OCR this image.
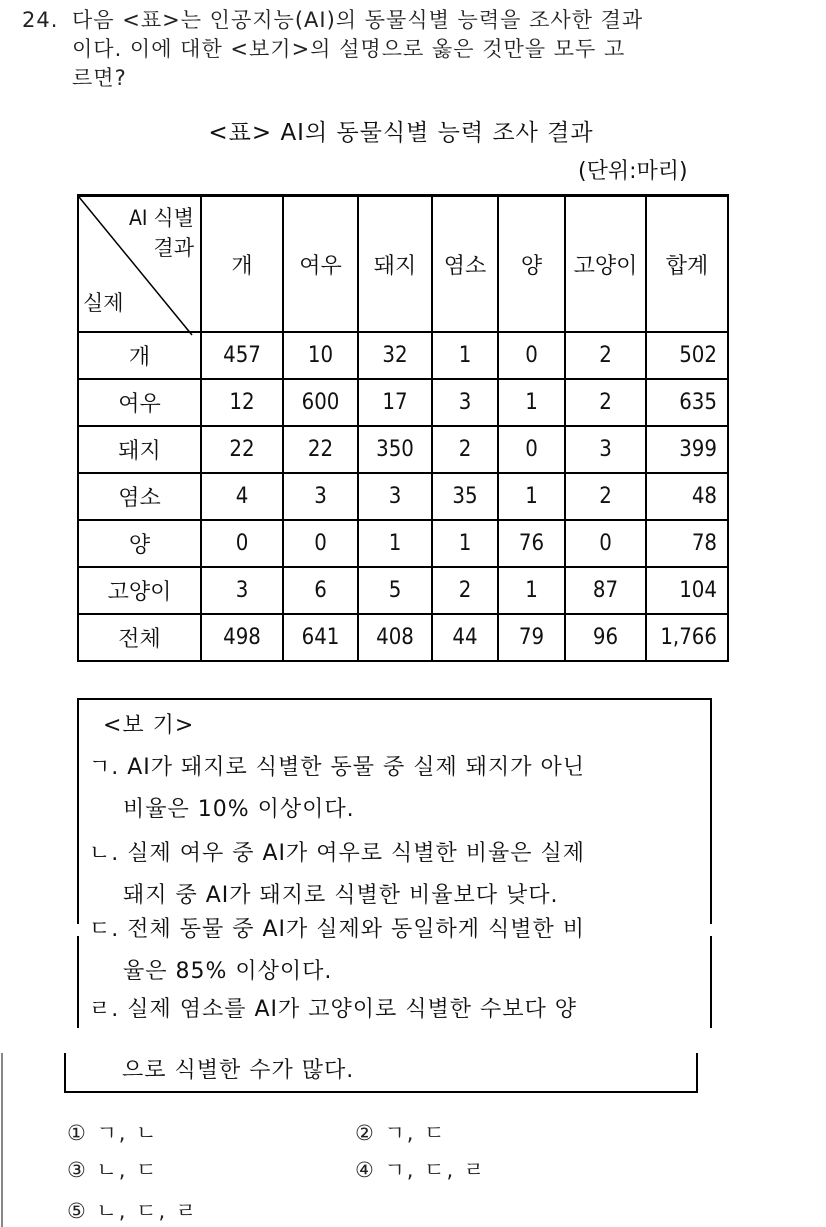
24. 다음 <표>는 인공지능(AI)의 동물식별 능력을 조사한 결과
이다. 이에 대한 <보기>의 설명으로 옳은 것만을 모두 고
르면?
<표> AI의 동물식별 능력 조사 결과
(단위:마리)
AI 식별
결과
실제	개	여우	돼지	염소	양	고양이	합계
개	457	10	32	1	0	2	502
여우	12	600	17	3	1	2	635
돼지	22	22	350	2	0	3	399
염소	4	3	3	35	1	2	48
양	0	0	1	1	76	0	78
고양이	3	6	5	2	1	87	104
전체	498	641	408	44	79	96	1,766
<보 기>
ㄱ. AI가 돼지로 식별한 동물 중 실제 돼지가 아닌
비율은 10% 이상이다.
ㄴ. 실제 여우 중 AI가 여우로 식별한 비율은 실제
돼지 중 AI가 돼지로 식별한 비율보다 낮다.
ㄷ. 전체 동물 중 AI가 실제와 동일하게 식별한 비
율은 85% 이상이다.
ㄹ. 실제 염소를 AI가 고양이로 식별한 수보다 양
으로 식별한 수가 많다.
① ㄱ, ㄴ	② ㄱ, ㄷ
③ ㄴ, ㄷ	④ ㄱ, ㄷ, ㄹ
⑤ ㄴ, ㄷ, ㄹ
